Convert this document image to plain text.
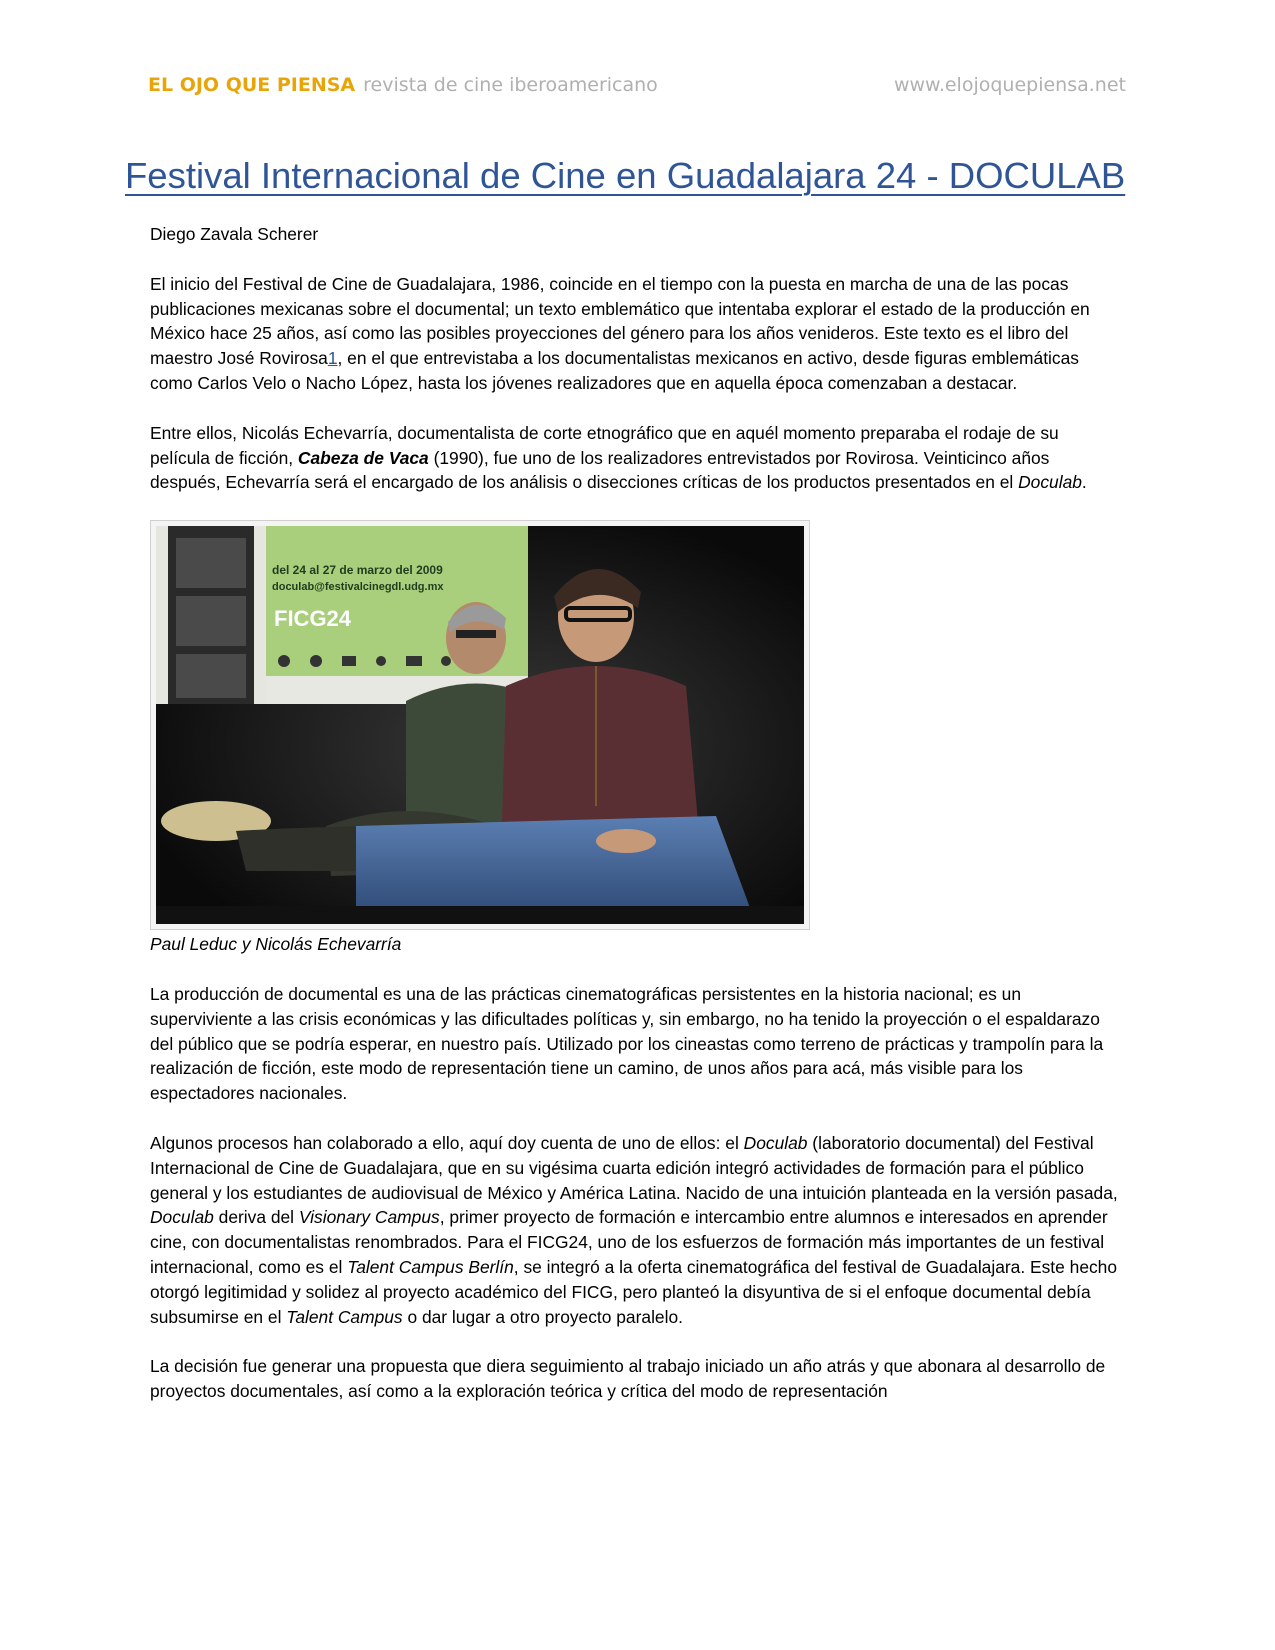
EL OJO QUE PIENSA revista de cine iberoamericano	www.elojoquepiensa.net
Festival Internacional de Cine en Guadalajara 24 - DOCULAB

Diego Zavala Scherer

El inicio del Festival de Cine de Guadalajara, 1986, coincide en el tiempo con la puesta en marcha de una de las pocas publicaciones mexicanas sobre el documental; un texto emblemático que intentaba explorar el estado de la producción en México hace 25 años, así como las posibles proyecciones del género para los años venideros. Este texto es el libro del maestro José Rovirosa1, en el que entrevistaba a los documentalistas mexicanos en activo, desde figuras emblemáticas como Carlos Velo o Nacho López, hasta los jóvenes realizadores que en aquella época comenzaban a destacar.

Entre ellos, Nicolás Echevarría, documentalista de corte etnográfico que en aquél momento preparaba el rodaje de su película de ficción, Cabeza de Vaca (1990), fue uno de los realizadores entrevistados por Rovirosa. Veinticinco años después, Echevarría será el encargado de los análisis o disecciones críticas de los productos presentados en el Doculab.

del 24 al 27 de marzo del 2009
doculab@festivalcinegdl.udg.mx
FICG24

Paul Leduc y Nicolás Echevarría

La producción de documental es una de las prácticas cinematográficas persistentes en la historia nacional; es un superviviente a las crisis económicas y las dificultades políticas y, sin embargo, no ha tenido la proyección o el espaldarazo del público que se podría esperar, en nuestro país. Utilizado por los cineastas como terreno de prácticas y trampolín para la realización de ficción, este modo de representación tiene un camino, de unos años para acá, más visible para los espectadores nacionales.

Algunos procesos han colaborado a ello, aquí doy cuenta de uno de ellos: el Doculab (laboratorio documental) del Festival Internacional de Cine de Guadalajara, que en su vigésima cuarta edición integró actividades de formación para el público general y los estudiantes de audiovisual de México y América Latina. Nacido de una intuición planteada en la versión pasada, Doculab deriva del Visionary Campus, primer proyecto de formación e intercambio entre alumnos e interesados en aprender cine, con documentalistas renombrados. Para el FICG24, uno de los esfuerzos de formación más importantes de un festival internacional, como es el Talent Campus Berlín, se integró a la oferta cinematográfica del festival de Guadalajara. Este hecho otorgó legitimidad y solidez al proyecto académico del FICG, pero planteó la disyuntiva de si el enfoque documental debía subsumirse en el Talent Campus o dar lugar a otro proyecto paralelo.

La decisión fue generar una propuesta que diera seguimiento al trabajo iniciado un año atrás y que abonara al desarrollo de proyectos documentales, así como a la exploración teórica y crítica del modo de representación
